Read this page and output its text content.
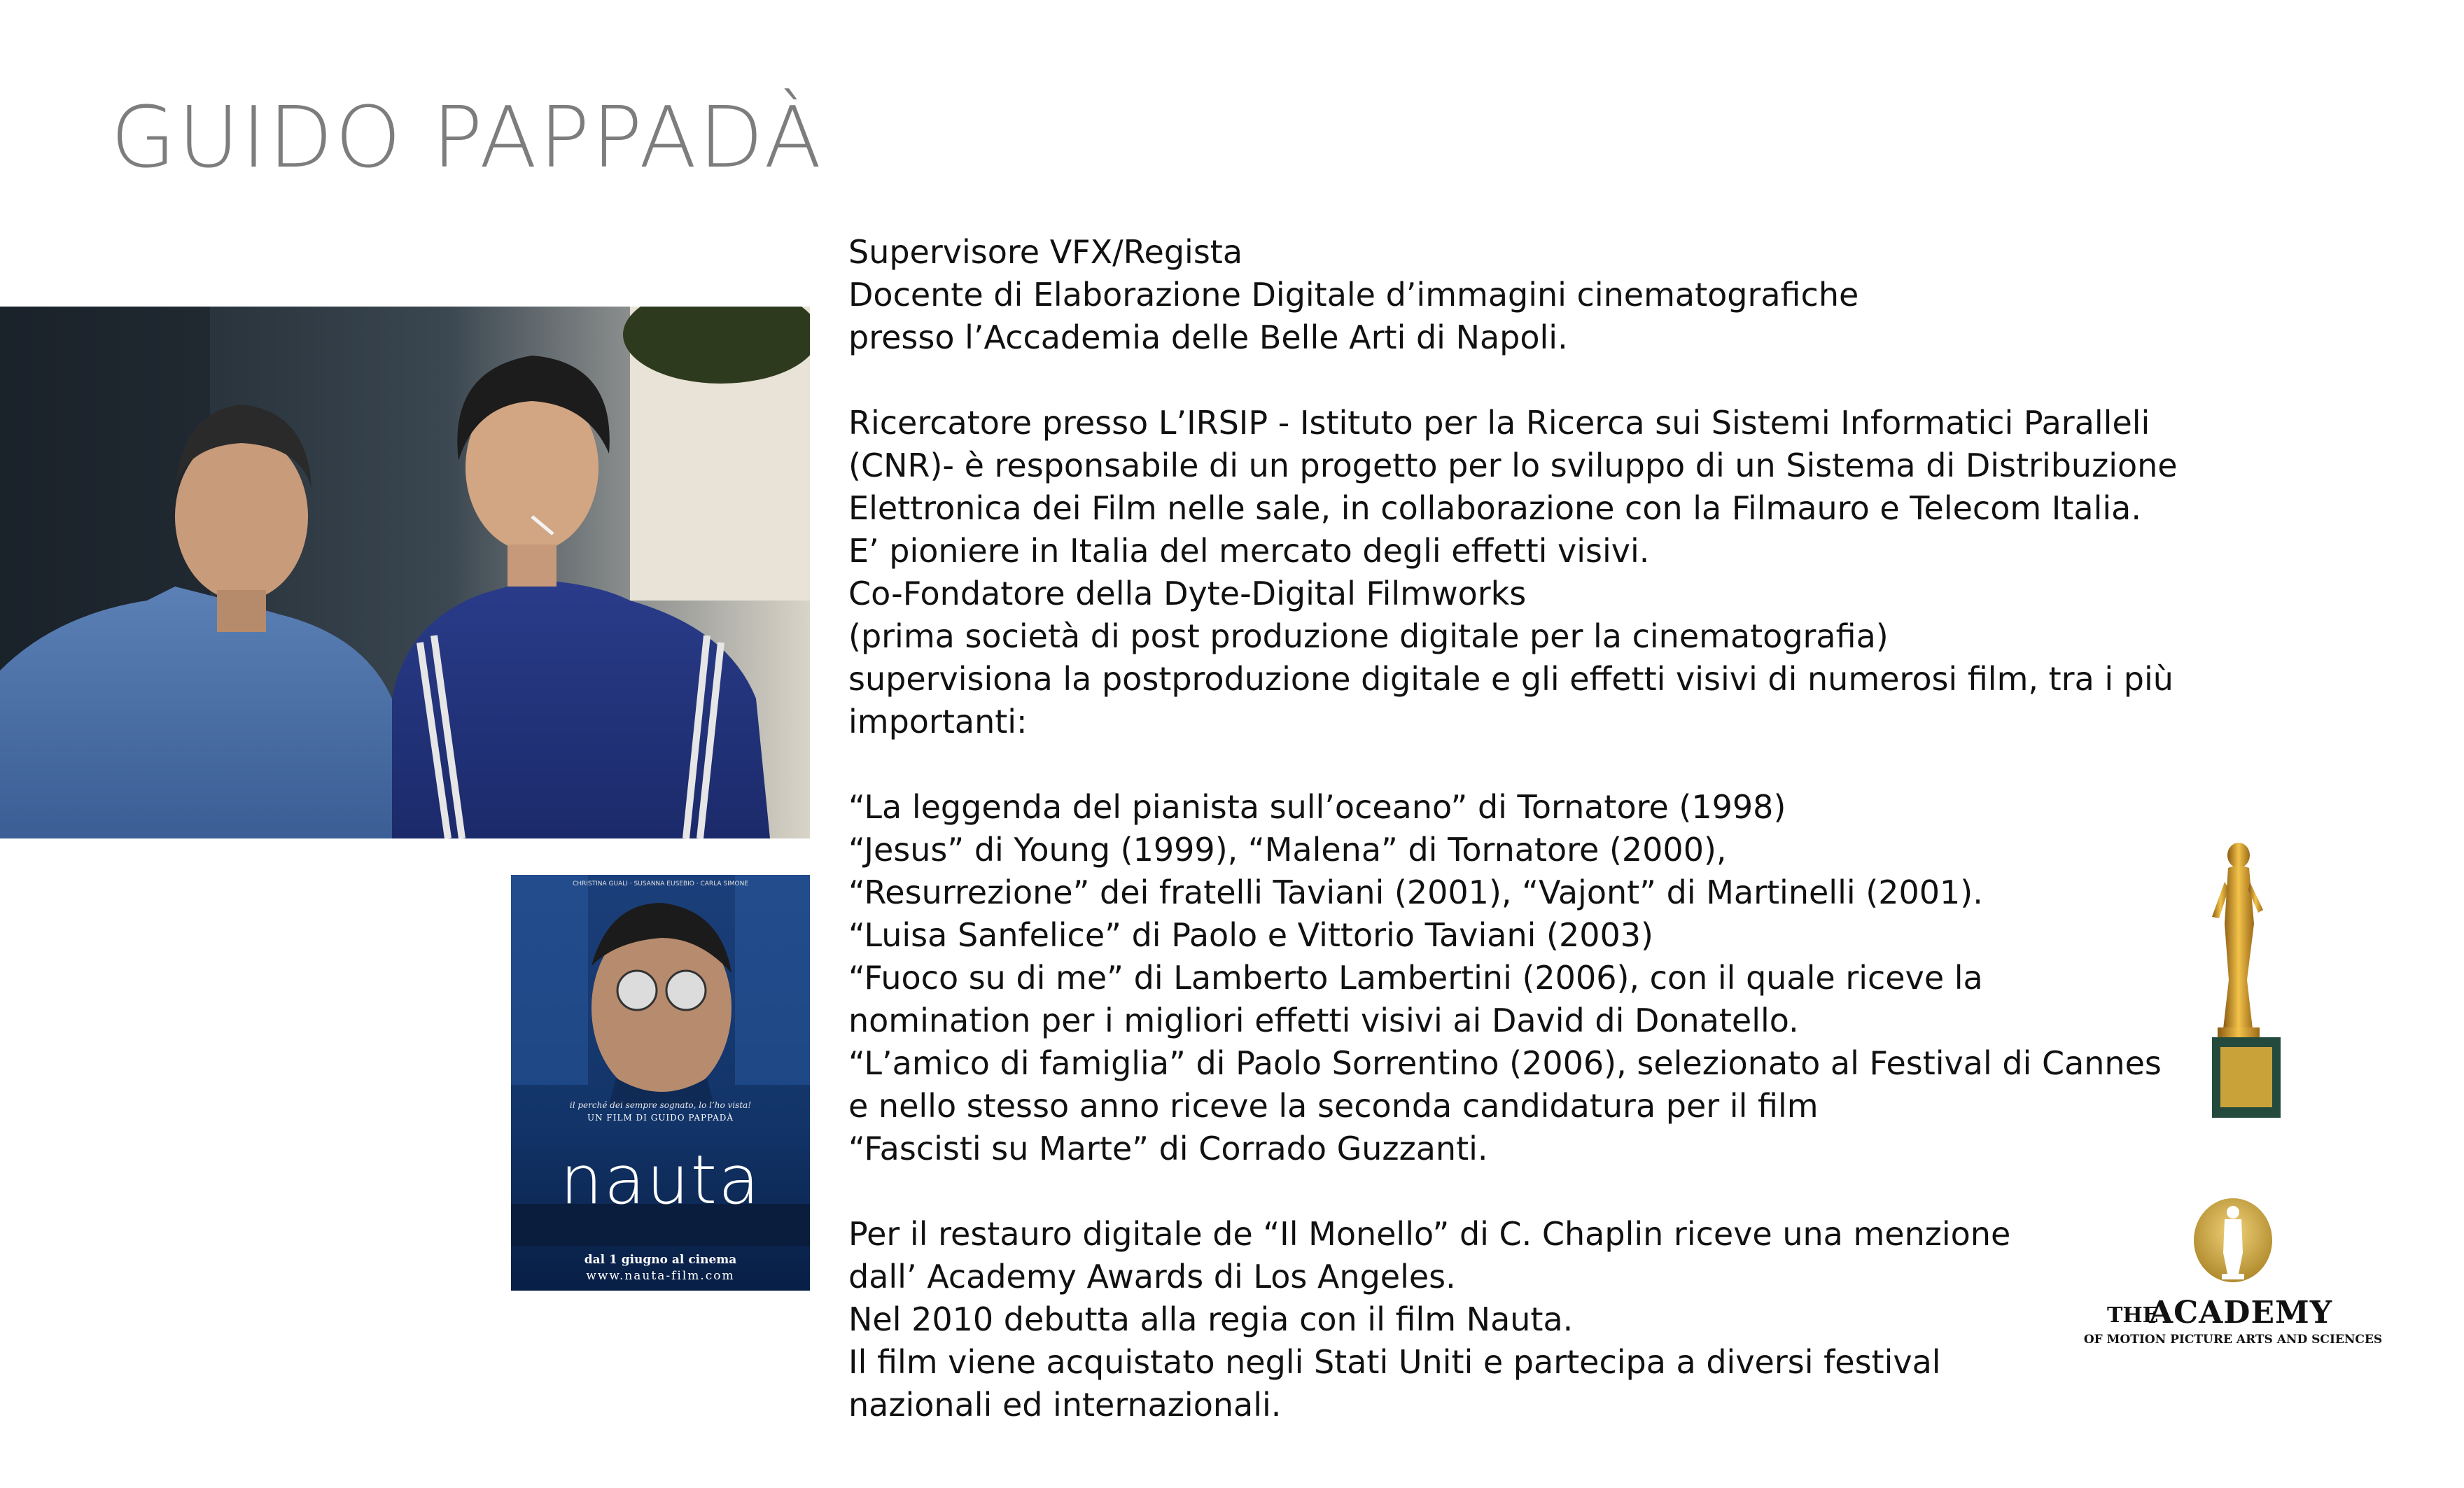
GUIDO PAPPADÀ
CHRISTINA GUALI · SUSANNA EUSEBIO · CARLA SIMONE
il perché dei sempre sognato, lo l’ho vista!
UN FILM DI GUIDO PAPPADÀ
nauta
dal 1 giugno al cinema
www.nauta-film.com
Supervisore VFX/Regista
Docente di Elaborazione Digitale d’immagini cinematografiche
presso l’Accademia delle Belle Arti di Napoli.
Ricercatore presso L’IRSIP - Istituto per la Ricerca sui Sistemi Informatici Paralleli
(CNR)- è responsabile di un progetto per lo sviluppo di un Sistema di Distribuzione
Elettronica dei Film nelle sale, in collaborazione con la Filmauro e Telecom Italia.
E’ pioniere in Italia del mercato degli effetti visivi.
Co-Fondatore della Dyte-Digital Filmworks
(prima società di post produzione digitale per la cinematografia)
supervisiona la postproduzione digitale e gli effetti visivi di numerosi film, tra i più
importanti:
“La leggenda del pianista sull’oceano” di Tornatore (1998)
“Jesus” di Young (1999), “Malena” di Tornatore (2000),
“Resurrezione” dei fratelli Taviani (2001), “Vajont” di Martinelli (2001).
“Luisa Sanfelice” di Paolo e Vittorio Taviani (2003)
“Fuoco su di me” di Lamberto Lambertini (2006), con il quale riceve la
nomination per i migliori effetti visivi ai David di Donatello.
“L’amico di famiglia” di Paolo Sorrentino (2006), selezionato al Festival di Cannes
e nello stesso anno riceve la seconda candidatura per il film
“Fascisti su Marte” di Corrado Guzzanti.
Per il restauro digitale de “Il Monello” di C. Chaplin riceve una menzione
dall’ Academy Awards di Los Angeles.
Nel 2010 debutta alla regia con il film Nauta.
Il film viene acquistato negli Stati Uniti e partecipa a diversi festival
nazionali ed internazionali.
THE
ACADEMY
OF MOTION PICTURE ARTS AND SCIENCES
